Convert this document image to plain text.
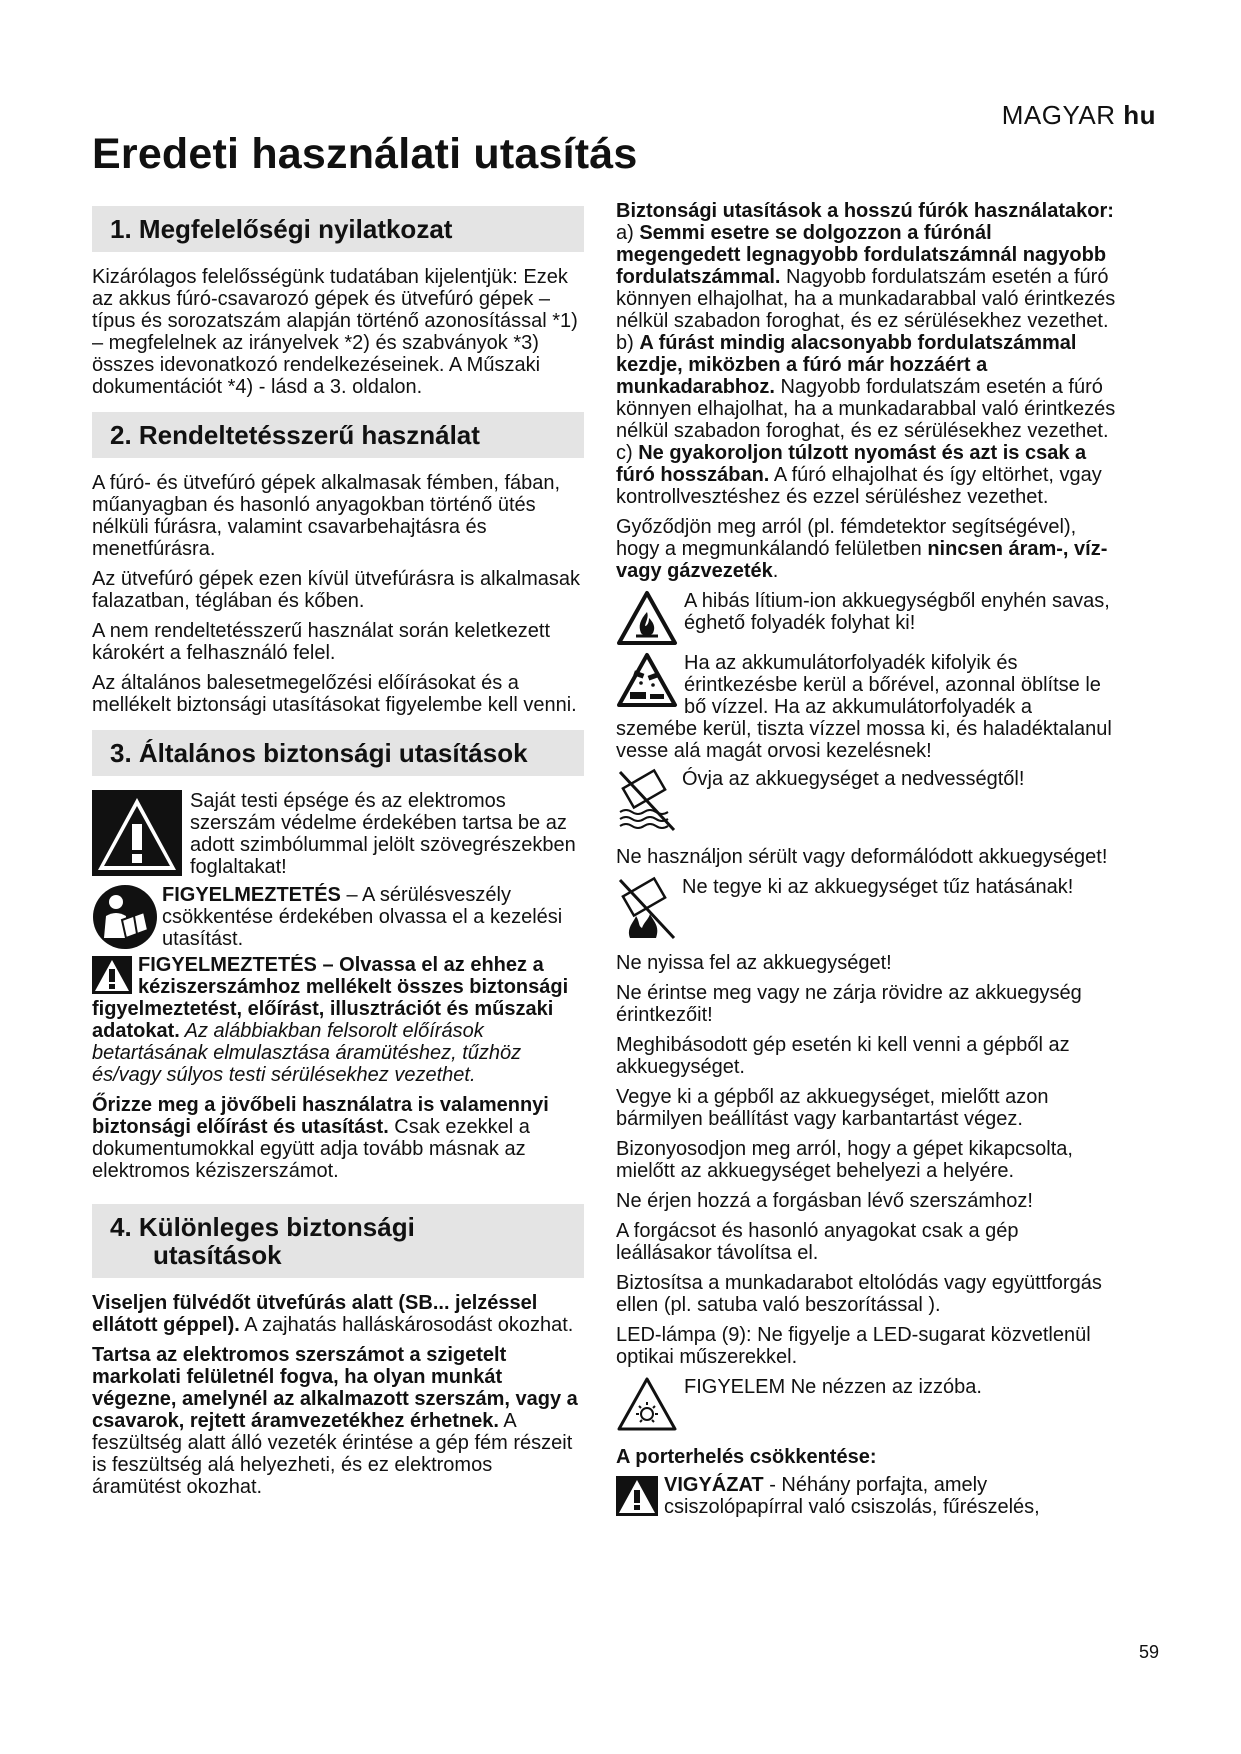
MAGYAR hu
Eredeti használati utasítás
1. Megfelelőségi nyilatkozat

Kizárólagos felelősségünk tudatában kijelentjük: Ezek az akkus fúró-csavarozó gépek és ütvefúró gépek – típus és sorozatszám alapján történő azonosítással *1) – megfelelnek az irányelvek *2) és szabványok *3) összes idevonatkozó rendelkezéseinek. A Műszaki dokumentációt *4) - lásd a 3. oldalon.

2. Rendeltetésszerű használat

A fúró- és ütvefúró gépek alkalmasak fémben, fában, műanyagban és hasonló anyagokban történő ütés nélküli fúrásra, valamint csavarbehajtásra és menetfúrásra.

Az ütvefúró gépek ezen kívül ütvefúrásra is alkalmasak falazatban, téglában és kőben.

A nem rendeltetésszerű használat során keletkezett károkért a felhasználó felel.

Az általános balesetmegelőzési előírásokat és a mellékelt biztonsági utasításokat figyelembe kell venni.

3. Általános biztonsági utasítások
Saját testi épsége és az elektromos szerszám védelme érdekében tartsa be az adott szimbólummal jelölt szövegrészekben foglaltakat!
FIGYELMEZTETÉS – A sérülésveszély csökkentése érdekében olvassa el a kezelési utasítást.

FIGYELMEZTETÉS – Olvassa el az ehhez a kéziszerszámhoz mellékelt összes biztonsági figyelmeztetést, előírást, illusztrációt és műszaki adatokat. Az alábbiakban felsorolt előírások betartásának elmulasztása áramütéshez, tűzhöz és/vagy súlyos testi sérülésekhez vezethet.

Őrizze meg a jövőbeli használatra is valamennyi biztonsági előírást és utasítást. Csak ezekkel a dokumentumokkal együtt adja tovább másnak az elektromos kéziszerszámot.

4. Különleges biztonsági
utasítások

Viseljen fülvédőt ütvefúrás alatt (SB... jelzéssel ellátott géppel). A zajhatás halláskárosodást okozhat.

Tartsa az elektromos szerszámot a szigetelt markolati felületnél fogva, ha olyan munkát végezne, amelynél az alkalmazott szerszám, vagy a csavarok, rejtett áramvezetékhez érhetnek. A feszültség alatt álló vezeték érintése a gép fém részeit is feszültség alá helyezheti, és ez elektromos áramütést okozhat.

Biztonsági utasítások a hosszú fúrók használatakor:

a) Semmi esetre se dolgozzon a fúrónál megengedett legnagyobb fordulatszámnál nagyobb fordulatszámmal. Nagyobb fordulatszám esetén a fúró könnyen elhajolhat, ha a munkadarabbal való érintkezés nélkül szabadon foroghat, és ez sérülésekhez vezethet.

b) A fúrást mindig alacsonyabb fordulatszámmal kezdje, miközben a fúró már hozzáért a munkadarabhoz. Nagyobb fordulatszám esetén a fúró könnyen elhajolhat, ha a munkadarabbal való érintkezés nélkül szabadon foroghat, és ez sérülésekhez vezethet.

c) Ne gyakoroljon túlzott nyomást és azt is csak a fúró hosszában. A fúró elhajolhat és így eltörhet, vgay kontrollvesztéshez és ezzel sérüléshez vezethet.

Győződjön meg arról (pl. fémdetektor segítségével), hogy a megmunkálandó felületben nincsen áram-, víz- vagy gázvezeték.

A hibás lítium-ion akkuegységből enyhén savas, éghető folyadék folyhat ki!

Ha az akkumulátorfolyadék kifolyik és érintkezésbe kerül a bőrével, azonnal öblítse le bő vízzel. Ha az akkumulátorfolyadék a szemébe kerül, tiszta vízzel mossa ki, és haladéktalanul vesse alá magát orvosi kezelésnek!

Óvja az akkuegységet a nedvességtől!

Ne használjon sérült vagy deformálódott akkuegységet!

Ne tegye ki az akkuegységet tűz hatásának!

Ne nyissa fel az akkuegységet!

Ne érintse meg vagy ne zárja rövidre az akkuegység érintkezőit!

Meghibásodott gép esetén ki kell venni a gépből az akkuegységet.

Vegye ki a gépből az akkuegységet, mielőtt azon bármilyen beállítást vagy karbantartást végez.

Bizonyosodjon meg arról, hogy a gépet kikapcsolta, mielőtt az akkuegységet behelyezi a helyére.

Ne érjen hozzá a forgásban lévő szerszámhoz!

A forgácsot és hasonló anyagokat csak a gép leállásakor távolítsa el.

Biztosítsa a munkadarabot eltolódás vagy együttforgás ellen (pl. satuba való beszorítással ).

LED-lámpa (9): Ne figyelje a LED-sugarat közvetlenül optikai műszerekkel.

FIGYELEM Ne nézzen az izzóba.

A porterhelés csökkentése:

VIGYÁZAT - Néhány porfajta, amely csiszolópapírral való csiszolás, fűrészelés,
59
